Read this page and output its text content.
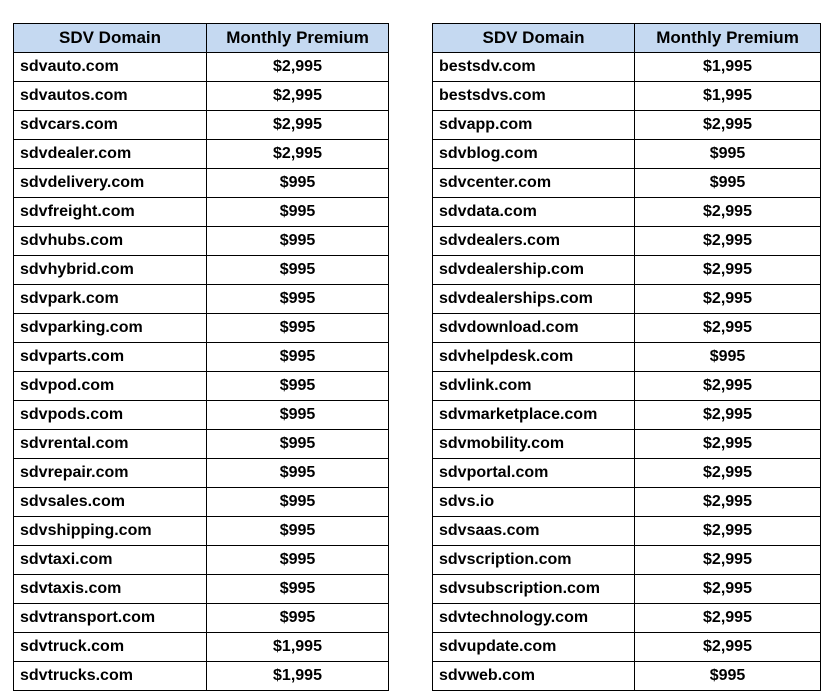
SDV Domain	Monthly Premium
sdvauto.com	$2,995
sdvautos.com	$2,995
sdvcars.com	$2,995
sdvdealer.com	$2,995
sdvdelivery.com	$995
sdvfreight.com	$995
sdvhubs.com	$995
sdvhybrid.com	$995
sdvpark.com	$995
sdvparking.com	$995
sdvparts.com	$995
sdvpod.com	$995
sdvpods.com	$995
sdvrental.com	$995
sdvrepair.com	$995
sdvsales.com	$995
sdvshipping.com	$995
sdvtaxi.com	$995
sdvtaxis.com	$995
sdvtransport.com	$995
sdvtruck.com	$1,995
sdvtrucks.com	$1,995
SDV Domain	Monthly Premium
bestsdv.com	$1,995
bestsdvs.com	$1,995
sdvapp.com	$2,995
sdvblog.com	$995
sdvcenter.com	$995
sdvdata.com	$2,995
sdvdealers.com	$2,995
sdvdealership.com	$2,995
sdvdealerships.com	$2,995
sdvdownload.com	$2,995
sdvhelpdesk.com	$995
sdvlink.com	$2,995
sdvmarketplace.com	$2,995
sdvmobility.com	$2,995
sdvportal.com	$2,995
sdvs.io	$2,995
sdvsaas.com	$2,995
sdvscription.com	$2,995
sdvsubscription.com	$2,995
sdvtechnology.com	$2,995
sdvupdate.com	$2,995
sdvweb.com	$995
